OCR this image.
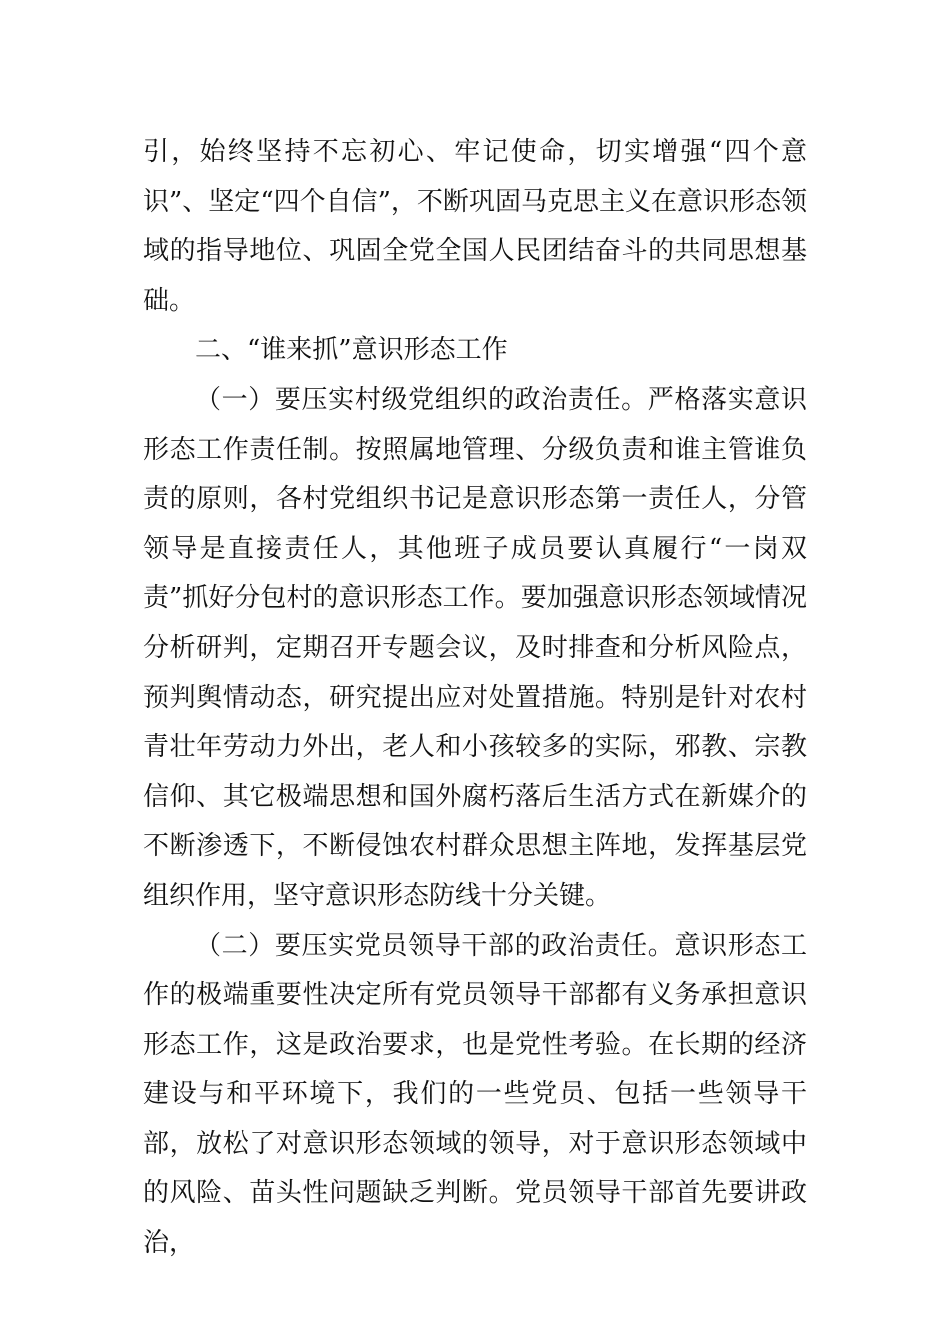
引，始终坚持不忘初心、牢记使命，切实增强“四个意识”、坚定“四个自信”，不断巩固马克思主义在意识形态领域的指导地位、巩固全党全国人民团结奋斗的共同思想基础。

二、“谁来抓”意识形态工作

（一）要压实村级党组织的政治责任。严格落实意识形态工作责任制。按照属地管理、分级负责和谁主管谁负责的原则，各村党组织书记是意识形态第一责任人，分管领导是直接责任人，其他班子成员要认真履行“一岗双责”抓好分包村的意识形态工作。要加强意识形态领域情况分析研判，定期召开专题会议，及时排查和分析风险点，预判舆情动态，研究提出应对处置措施。特别是针对农村青壮年劳动力外出，老人和小孩较多的实际，邪教、宗教信仰、其它极端思想和国外腐朽落后生活方式在新媒介的不断渗透下，不断侵蚀农村群众思想主阵地，发挥基层党组织作用，坚守意识形态防线十分关键。

（二）要压实党员领导干部的政治责任。意识形态工作的极端重要性决定所有党员领导干部都有义务承担意识形态工作，这是政治要求，也是党性考验。在长期的经济建设与和平环境下，我们的一些党员、包括一些领导干部，放松了对意识形态领域的领导，对于意识形态领域中的风险、苗头性问题缺乏判断。党员领导干部首先要讲政治，
